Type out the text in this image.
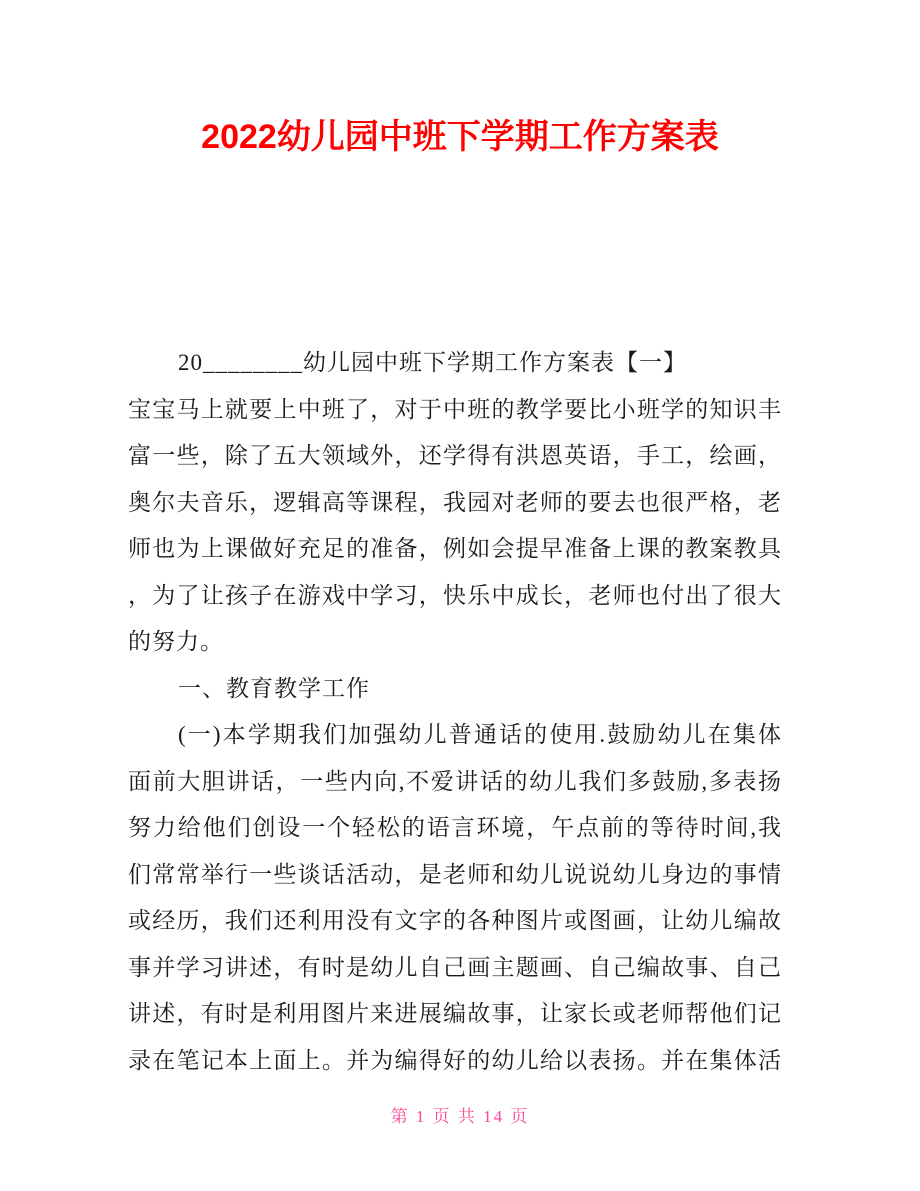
2022幼儿园中班下学期工作方案表
20________幼儿园中班下学期工作方案表【一】
宝宝马上就要上中班了，对于中班的教学要比小班学的知识丰
富一些，除了五大领域外，还学得有洪恩英语，手工，绘画，
奥尔夫音乐，逻辑高等课程，我园对老师的要去也很严格，老
师也为上课做好充足的准备，例如会提早准备上课的教案教具
，为了让孩子在游戏中学习，快乐中成长，老师也付出了很大
的努力。
一、教育教学工作
(一)本学期我们加强幼儿普通话的使用.鼓励幼儿在集体
面前大胆讲话，一些内向,不爱讲话的幼儿我们多鼓励,多表扬
努力给他们创设一个轻松的语言环境，午点前的等待时间,我
们常常举行一些谈话活动，是老师和幼儿说说幼儿身边的事情
或经历，我们还利用没有文字的各种图片或图画，让幼儿编故
事并学习讲述，有时是幼儿自己画主题画、自己编故事、自己
讲述，有时是利用图片来进展编故事，让家长或老师帮他们记
录在笔记本上面上。并为编得好的幼儿给以表扬。并在集体活
第 1 页 共 14 页
